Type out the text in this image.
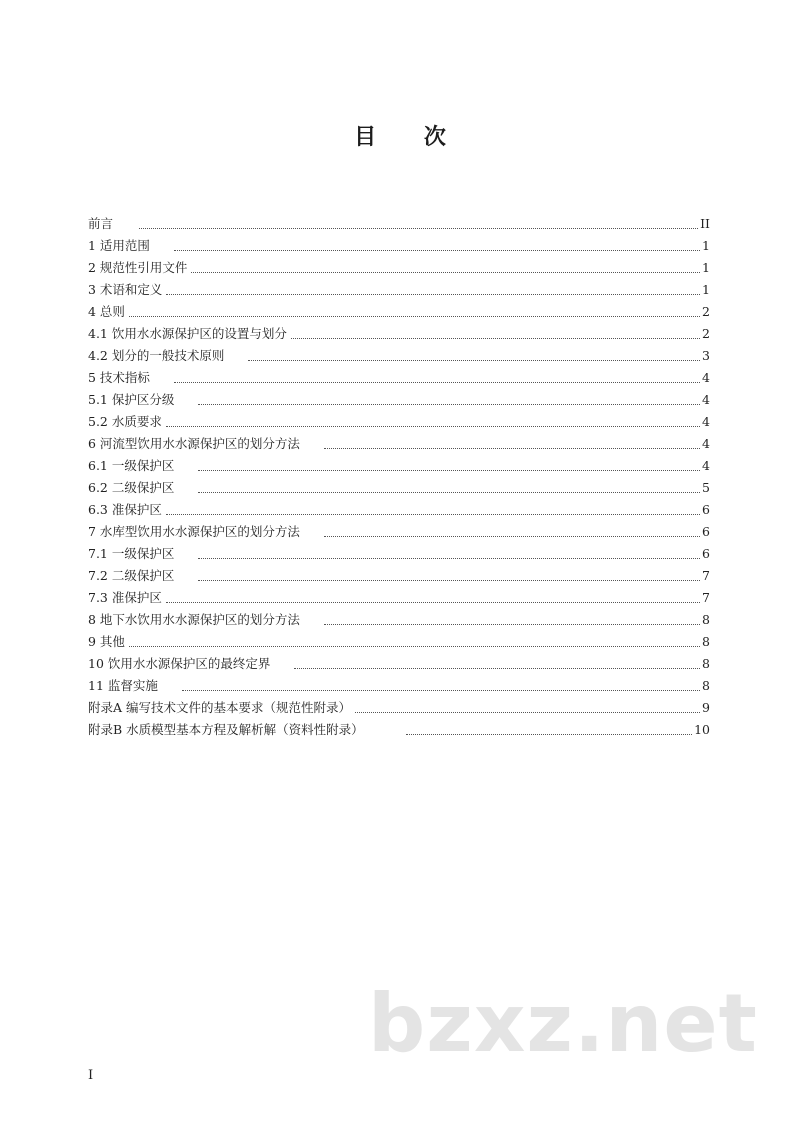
目 次
前言	II
1 适用范围	1
2 规范性引用文件	1
3 术语和定义	1
4 总则	2
4.1 饮用水水源保护区的设置与划分	2
4.2 划分的一般技术原则	3
5 技术指标	4
5.1 保护区分级	4
5.2 水质要求	4
6 河流型饮用水水源保护区的划分方法	4
6.1 一级保护区	4
6.2 二级保护区	5
6.3 准保护区	6
7 水库型饮用水水源保护区的划分方法	6
7.1 一级保护区	6
7.2 二级保护区	7
7.3 准保护区	7
8 地下水饮用水水源保护区的划分方法	8
9 其他	8
10 饮用水水源保护区的最终定界	8
11 监督实施	8
附录A 编写技术文件的基本要求（规范性附录）	9
附录B 水质模型基本方程及解析解（资料性附录）	10
I
bzxz.net
